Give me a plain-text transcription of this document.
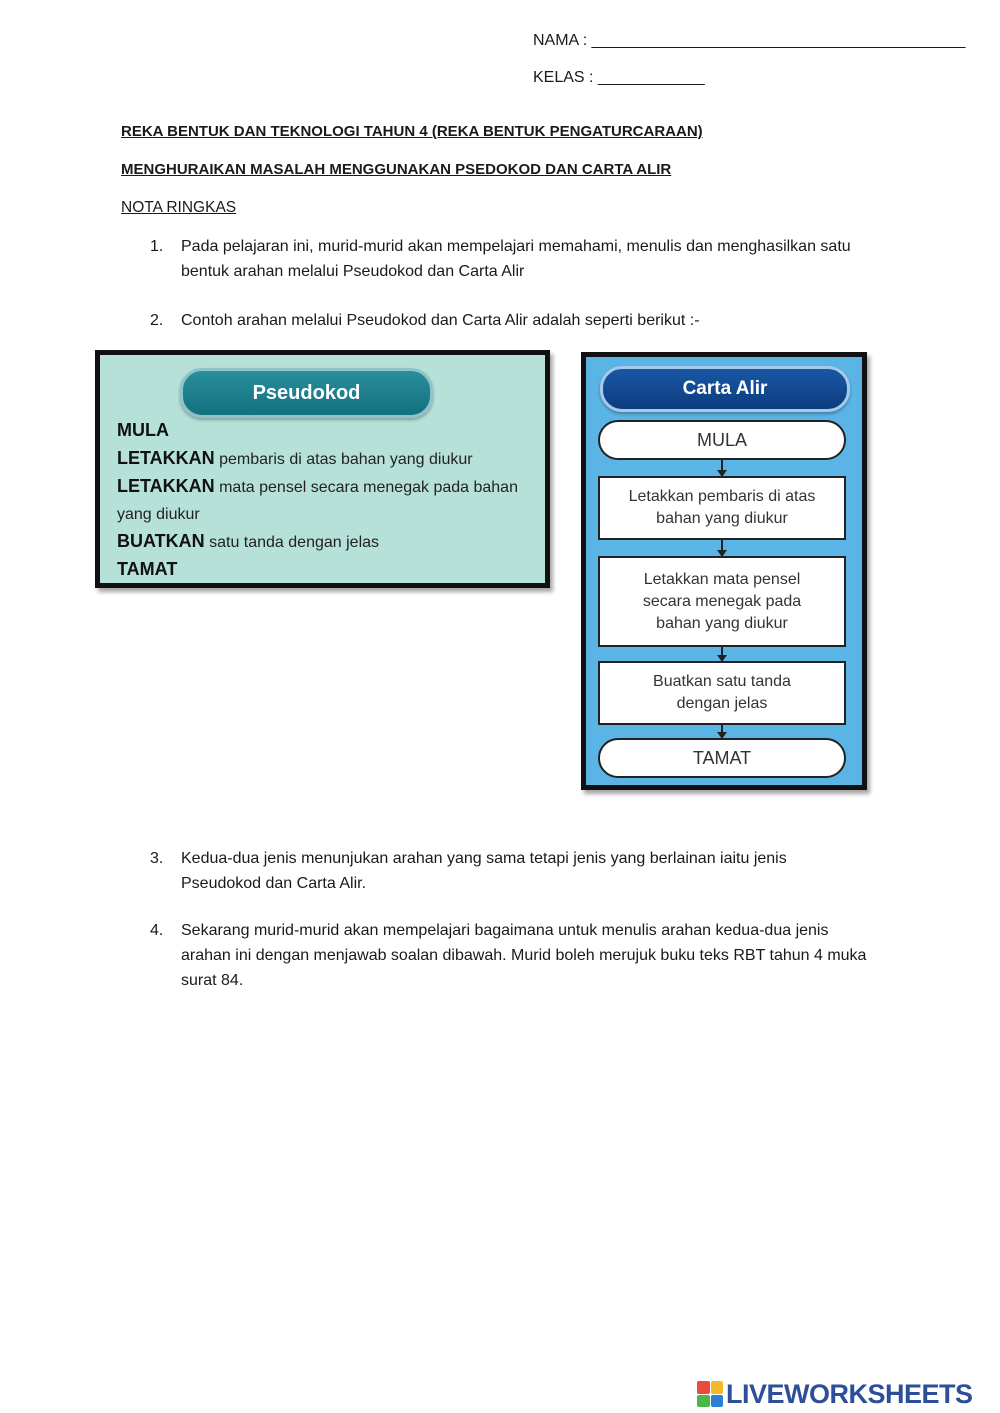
NAMA : __________________________________________
KELAS : ____________
REKA BENTUK DAN TEKNOLOGI TAHUN 4 (REKA BENTUK PENGATURCARAAN)
MENGHURAIKAN MASALAH MENGGUNAKAN PSEDOKOD DAN CARTA ALIR
NOTA RINGKAS
1.	Pada pelajaran ini, murid-murid akan mempelajari memahami, menulis dan menghasilkan satu bentuk arahan melalui Pseudokod dan Carta Alir
2.	Contoh arahan melalui Pseudokod dan Carta Alir adalah seperti berikut :-
Pseudokod
MULA
LETAKKAN pembaris di atas bahan yang diukur
LETAKKAN mata pensel secara menegak pada bahan yang diukur
BUATKAN satu tanda dengan jelas
TAMAT
Carta Alir
MULA
Letakkan pembaris di atas bahan yang diukur
Letakkan mata pensel secara menegak pada bahan yang diukur
Buatkan satu tanda dengan jelas
TAMAT
3.	Kedua-dua jenis menunjukan arahan yang sama tetapi jenis yang berlainan iaitu jenis Pseudokod dan Carta Alir.
4.	Sekarang murid-murid akan mempelajari bagaimana untuk menulis arahan kedua-dua jenis arahan ini dengan menjawab soalan dibawah. Murid boleh merujuk buku teks RBT tahun 4 muka surat 84.
LIVEWORKSHEETS
